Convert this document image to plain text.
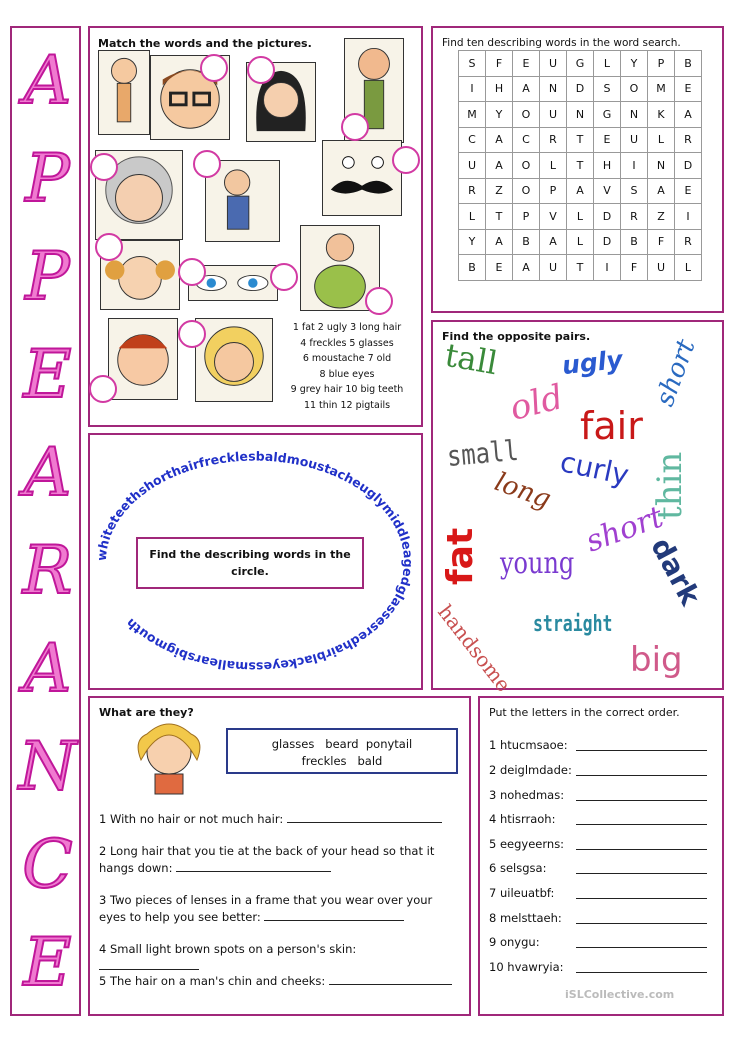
A
P
P
E
A
R
A
N
C
E
Match the words and the pictures.
1 fat 2 ugly 3 long hair
4 freckles 5 glasses
6 moustache 7 old
8 blue eyes
9 grey hair 10 big teeth
11 thin 12 pigtails
Find ten describing words in the word search.
S	F	E	U	G	L	Y	P	B
I	H	A	N	D	S	O	M	E
M	Y	O	U	N	G	N	K	A
C	A	C	R	T	E	U	L	R
U	A	O	L	T	H	I	N	D
R	Z	O	P	A	V	S	A	E
L	T	P	V	L	D	R	Z	I
Y	A	B	A	L	D	B	F	R
B	E	A	U	T	I	F	U	L
Find the opposite pairs.
tall ugly short
old fair
small curly thin
long
fat young
short
dark
handsome straight
big
whiteteethshorthairfrecklesbaldmoustacheuglymiddleagedglassesredhairblackeyessmallearsbigmouth
Find the describing words in the circle.
What are they?
glasses   beard  ponytail
freckles   bald
1 With no hair or not much hair:
2 Long hair that you tie at the back of your head so that it
hangs down:
3 Two pieces of lenses in a frame that you wear over your
eyes to help you see better:
4 Small light brown spots on a person's skin:
5 The hair on a man's chin and cheeks:
Put the letters in the correct order.
1 htucmsaoe:
2 deiglmdade:
3 nohedmas:
4 htisrraoh:
5 eegyeerns:
6 selsgsa:
7 uileuatbf:
8 melsttaeh:
9 onygu:
10 hvawryia:
iSLCollective.com
